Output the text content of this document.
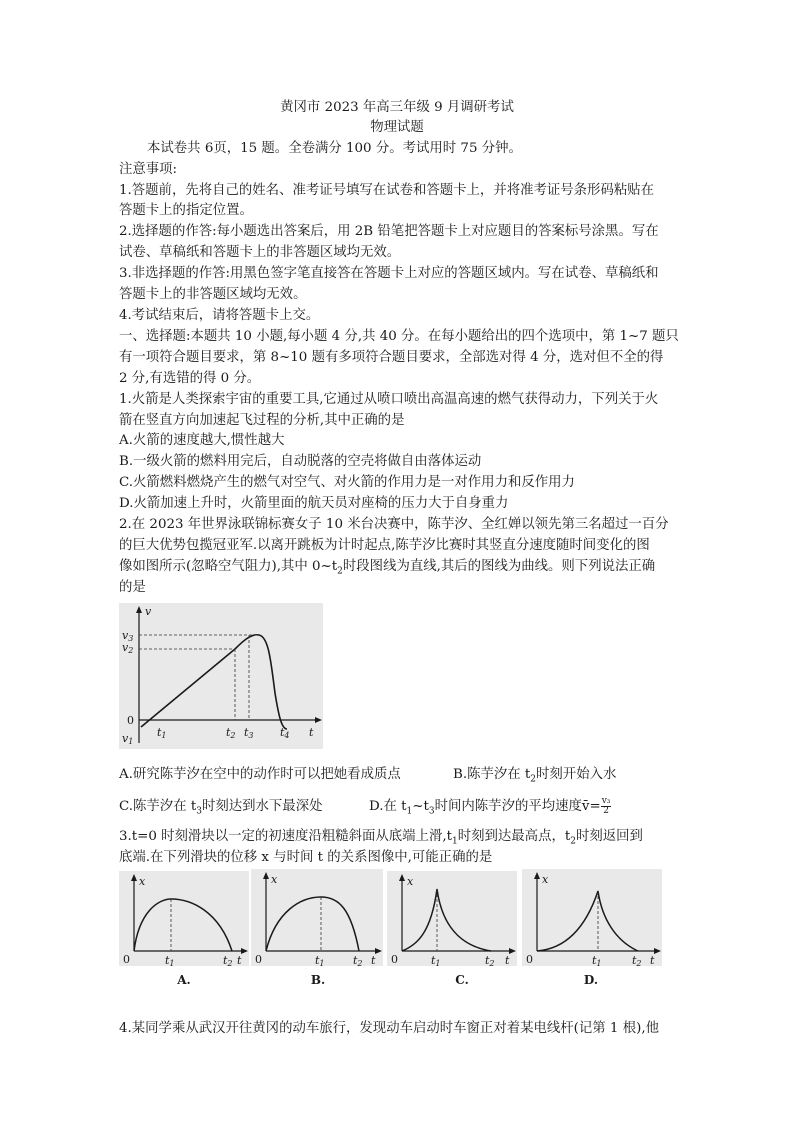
黄冈市 2023 年高三年级 9 月调研考试
物理试题
本试卷共 6页，15 题。全卷满分 100 分。考试用时 75 分钟。
注意事项:
1.答题前，先将自己的姓名、准考证号填写在试卷和答题卡上，并将准考证号条形码粘贴在
答题卡上的指定位置。
2.选择题的作答:每小题选出答案后，用 2B 铅笔把答题卡上对应题目的答案标号涂黑。写在
试卷、草稿纸和答题卡上的非答题区域均无效。
3.非选择题的作答:用黑色签字笔直接答在答题卡上对应的答题区域内。写在试卷、草稿纸和
答题卡上的非答题区域均无效。
4.考试结束后，请将答题卡上交。
一、选择题:本题共 10 小题,每小题 4 分,共 40 分。在每小题给出的四个选项中，第 1~7 题只
有一项符合题目要求，第 8~10 题有多项符合题目要求，全部选对得 4 分，选对但不全的得
2 分,有选错的得 0 分。
1.火箭是人类探索宇宙的重要工具,它通过从喷口喷出高温高速的燃气获得动力，下列关于火
箭在竖直方向加速起飞过程的分析,其中正确的是
A.火箭的速度越大,惯性越大
B.一级火箭的燃料用完后，自动脱落的空壳将做自由落体运动
C.火箭燃料燃烧产生的燃气对空气、对火箭的作用力是一对作用力和反作用力
D.火箭加速上升时，火箭里面的航天员对座椅的压力大于自身重力
2.在 2023 年世界泳联锦标赛女子 10 米台决赛中，陈芋汐、全红婵以领先第三名超过一百分
的巨大优势包揽冠亚军.以离开跳板为计时起点,陈芋汐比赛时其竖直分速度随时间变化的图
像如图所示(忽略空气阻力),其中 $0\sim t_2$时段图线为直线,其后的图线为曲线。则下列说法正确
的是
v
t
0
v3
v2
v1
t1	t2 t3 t4
A.研究陈芋汐在空中的动作时可以把她看成质点	B.陈芋汐在 $t_2$时刻开始入水
C.陈芋汐在 $t_3$时刻达到水下最深处	D.在 $t_1\sim t_3$时间内陈芋汐的平均速度v̄= $\frac{\text{v₃}}{2}$
3.t=0 时刻滑块以一定的初速度沿粗糙斜面从底端上滑$,t_1$时刻到达最高点，$t_2$时刻返回到
底端.在下列滑块的位移 x 与时间 t 的关系图像中,可能正确的是
x
t
0	t1	t2
A.
x
t
0	t1	t2
B.
x
t
0	t1	t2
C.
x
t
0	t1	t2
D.
4.某同学乘从武汉开往黄冈的动车旅行，发现动车启动时车窗正对着某电线杆(记第 1 根),他
